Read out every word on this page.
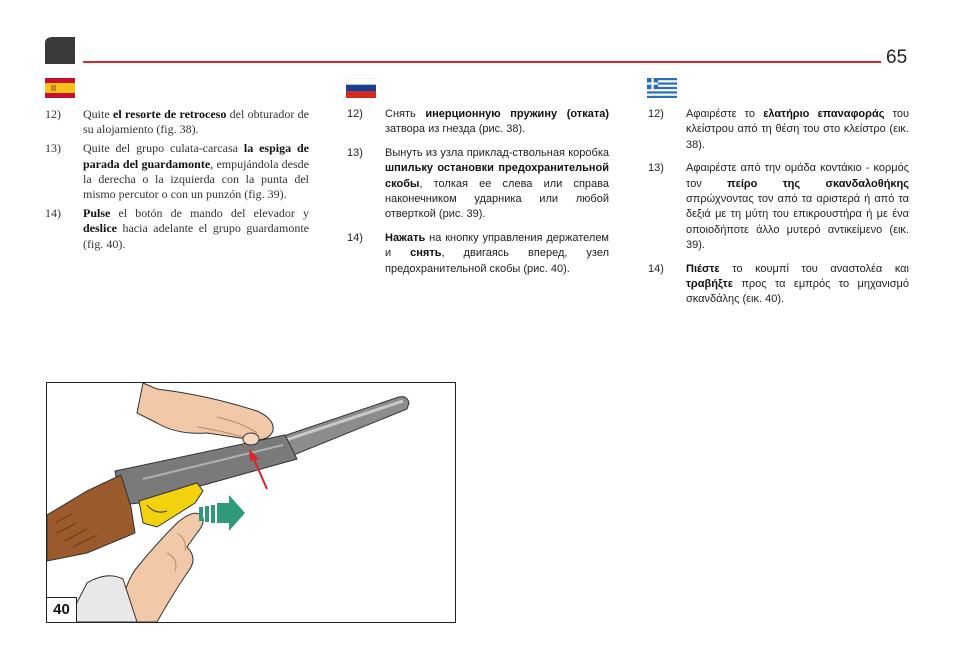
65
12) Quite el resorte de retroceso del obturador de su alojamiento (fig. 38).
13) Quite del grupo culata-carcasa la espiga de parada del guardamonte, empujándola desde la derecha o la izquierda con la punta del mismo percutor o con un punzón (fig. 39).
14) Pulse el botón de mando del elevador y deslice hacia adelante el grupo guardamonte (fig. 40).
12) Снять инерционную пружину (отката) затвора из гнезда (рис. 38).
13) Вынуть из узла приклад-ствольная коробка шпильку остановки предохранительной скобы, толкая ее слева или справа наконечником ударника или любой отверткой (рис. 39).
14) Нажать на кнопку управления держателем и снять, двигаясь вперед, узел предохранительной скобы (рис. 40).
12) Αφαιρέστε το ελατήριο επαναφοράς του κλείστρου από τη θέση του στο κλείστρο (εικ. 38).
13) Αφαιρέστε από την ομάδα κοντάκιο - κορμός τον πείρο της σκανδαλοθήκης σπρώχνοντας τον από τα αριστερά ή από τα δεξιά με τη μύτη του επικρουστήρα ή με ένα οποιοδήποτε άλλο μυτερό αντικείμενο (εικ. 39).
14) Πιέστε το κουμπί του αναστολέα και τραβήξτε προς τα εμπρός το μηχανισμό σκανδάλης (εικ. 40).
40
